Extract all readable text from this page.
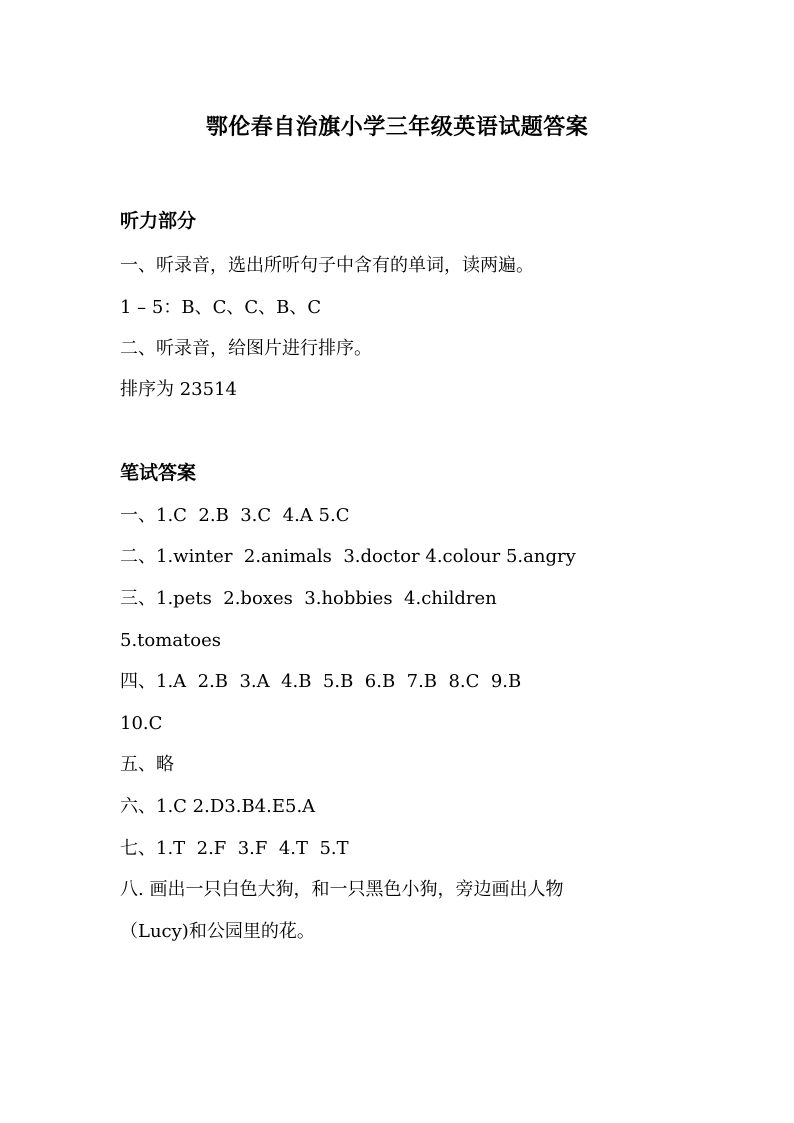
鄂伦春自治旗小学三年级英语试题答案
听力部分
一、听录音，选出所听句子中含有的单词，读两遍。
1 – 5：B、C、C、B、C
二、听录音，给图片进行排序。
排序为 23514
笔试答案
一、1.C  2.B  3.C  4.A 5.C
二、1.winter  2.animals  3.doctor 4.colour 5.angry
三、1.pets  2.boxes  3.hobbies  4.children
5.tomatoes
四、1.A  2.B  3.A  4.B  5.B  6.B  7.B  8.C  9.B
10.C
五、略
六、1.C 2.D3.B4.E5.A
七、1.T  2.F  3.F  4.T  5.T
八. 画出一只白色大狗，和一只黑色小狗，旁边画出人物
（Lucy)和公园里的花。
